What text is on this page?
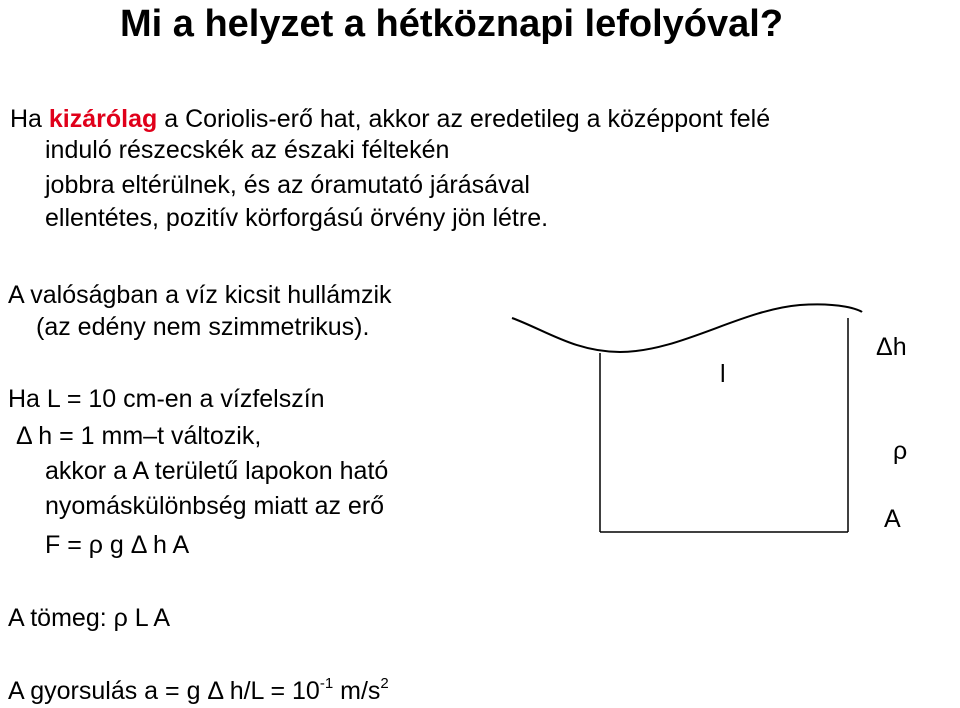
Mi a helyzet a hétköznapi lefolyóval?
Ha kizárólag a Coriolis-erő hat, akkor az eredetileg a középpont felé
induló részecskék az északi féltekén
jobbra eltérülnek, és az óramutató járásával
ellentétes, pozitív körforgású örvény jön létre.
A valóságban a víz kicsit hullámzik
(az edény nem szimmetrikus).
Ha L = 10 cm-en a vízfelszín
Δ h = 1 mm–t változik,
akkor a A területű lapokon ható
nyomáskülönbség miatt az erő
F = ρ g Δ h A
A tömeg: ρ L A
A gyorsulás a = g Δ $h/L = 10^{-1}$ $m/s^2$
l
Δh
ρ
A
